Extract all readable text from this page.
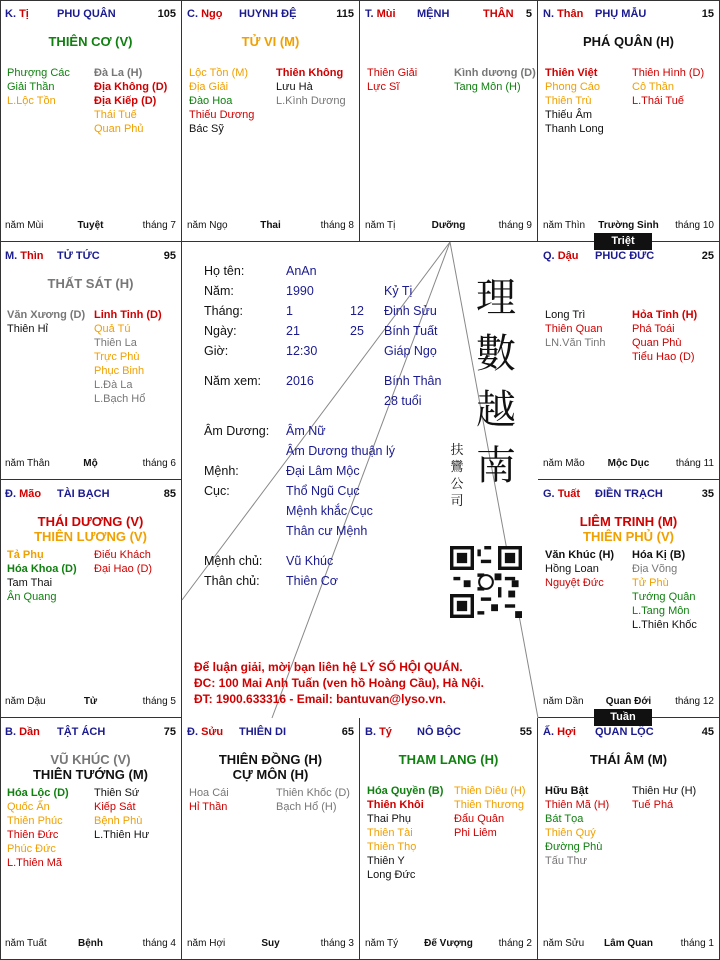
K. Tị	PHU QUÂN	105
THIÊN CƠ (V)
Phượng Các
Giải Thần
L.Lộc Tồn
Đà La (H)
Địa Không (D)
Địa Kiếp (D)
Thái Tuế
Quan Phủ
năm Mùi	Tuyệt	tháng 7
C. Ngọ HUYNH ĐỆ	115
TỬ VI (M)
Lộc Tồn (M)
Địa Giải
Đào Hoa
Thiếu Dương
Bác Sỹ
Thiên Không
Lưu Hà
L.Kình Dương
năm Ngọ	Thai	tháng 8
T. Mùi MỆNH	THÂN 5
Thiên Giải
Lực Sĩ
Kình dương (D)
Tang Môn (H)
năm Tị	Dưỡng	tháng 9
N. Thân PHỤ MẪU	15
PHÁ QUÂN (H)
Thiên Việt
Phong Cáo
Thiên Trù
Thiếu Âm
Thanh Long
Thiên Hình (D)
Cô Thần
L.Thái Tuế
năm Thìn	Trường Sinh	tháng 10
M. Thìn TỬ TỨC	95
THẤT SÁT (H)
Văn Xương (D)
Thiên Hỉ
Linh Tinh (D)
Quả Tú
Thiên La
Trực Phù
Phục Binh
L.Đà La
L.Bạch Hổ
năm Thân	Mộ	tháng 6
Q. Dậu PHÚC ĐỨC	25
Long Trì
Thiên Quan
LN.Văn Tinh
Hỏa Tinh (H)
Phá Toái
Quan Phù
Tiểu Hao (D)
năm Mão	Mộc Dục	tháng 11
Đ. Mão TÀI BẠCH	85
THÁI DƯƠNG (V)
THIÊN LƯƠNG (V)
Tả Phụ
Hóa Khoa (D)
Tam Thai
Ân Quang
Điếu Khách
Đại Hao (D)
năm Dậu	Tử	tháng 5
G. Tuất ĐIỀN TRẠCH	35
LIÊM TRINH (M)
THIÊN PHỦ (V)
Văn Khúc (H)
Hồng Loan
Nguyệt Đức
Hóa Kị (B)
Địa Võng
Tử Phù
Tướng Quân
L.Tang Môn
L.Thiên Khốc
năm Dần	Quan Đới	tháng 12
B. Dần TẬT ÁCH	75
VŨ KHÚC (V)
THIÊN TƯỚNG (M)
Hóa Lộc (D)
Quốc Ấn
Thiên Phúc
Thiên Đức
Phúc Đức
L.Thiên Mã
Thiên Sứ
Kiếp Sát
Bệnh Phù
L.Thiên Hư
năm Tuất	Bệnh	tháng 4
Đ. Sửu THIÊN DI	65
THIÊN ĐỒNG (H)
CỰ MÔN (H)
Hoa Cái
Hỉ Thần
Thiên Khốc (D)
Bạch Hổ (H)
năm Hợi	Suy	tháng 3
B. Tý NÔ BỘC	55
THAM LANG (H)
Hóa Quyền (B)
Thiên Khôi
Thai Phụ
Thiên Tài
Thiên Thọ
Thiên Y
Long Đức
Thiên Diêu (H)
Thiên Thương
Đẩu Quân
Phi Liêm
năm Tý	Đế Vượng	tháng 2
Ấ. Hợi QUAN LỘC	45
THÁI ÂM (M)
Hữu Bật
Thiên Mã (H)
Bát Tọa
Thiên Quý
Đường Phù
Tấu Thư
Thiên Hư (H)
Tuế Phá
năm Sửu	Lâm Quan	tháng 1
Triệt
Tuần
Họ tên:	AnAn
Năm:	1990	Kỷ Tị
Tháng:	1	12 Đinh Sửu
Ngày:	21	25 Bính Tuất
Giờ:	12:30	Giáp Ngọ
Năm xem: 2016	Bính Thân
28 tuổi
Âm Dương: Âm Nữ
Âm Dương thuận lý
Mệnh:	Đại Lâm Mộc
Cục:	Thổ Ngũ Cục
Mệnh khắc Cục
Thân cư Mệnh
Mệnh chủ: Vũ Khúc
Thân chủ: Thiên Cơ
理數越南
扶鸞公司
Để luận giải, mời bạn liên hệ LÝ SỐ HỘI QUÁN.
ĐC: 100 Mai Anh Tuấn (ven hồ Hoàng Cầu), Hà Nội.
ĐT: 1900.633316 - Email: bantuvan@lyso.vn.
